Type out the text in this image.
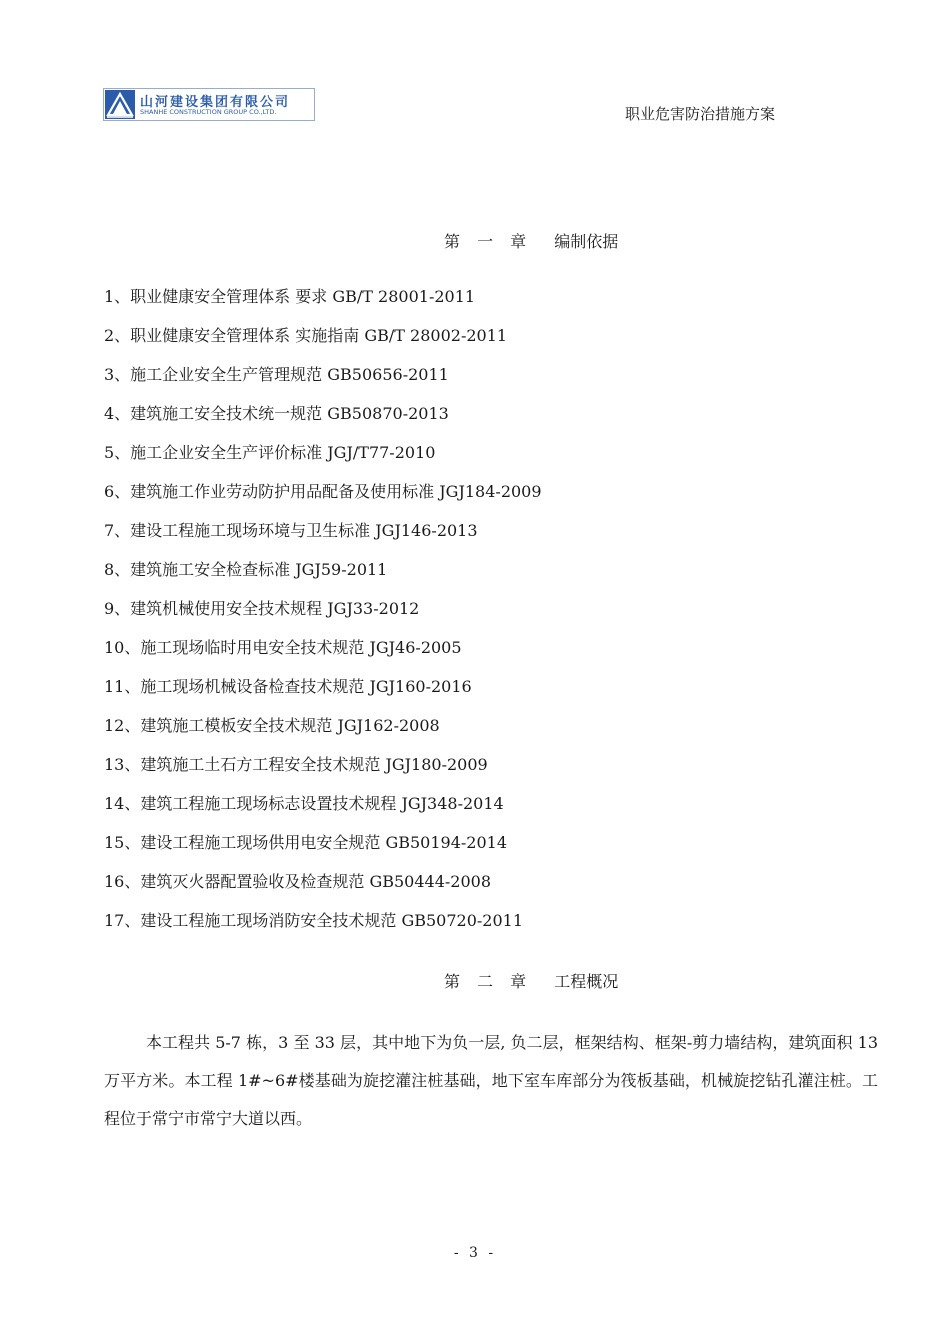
山河建设集团有限公司
SHANHE CONSTRUCTION GROUP CO.,LTD.	职业危害防治措施方案
第 一 章 编制依据
1、职业健康安全管理体系 要求 GB/T 28001-2011
2、职业健康安全管理体系 实施指南 GB/T 28002-2011
3、施工企业安全生产管理规范 GB50656-2011
4、建筑施工安全技术统一规范 GB50870-2013
5、施工企业安全生产评价标准 JGJ/T77-2010
6、建筑施工作业劳动防护用品配备及使用标准 JGJ184-2009
7、建设工程施工现场环境与卫生标准 JGJ146-2013
8、建筑施工安全检查标准 JGJ59-2011
9、建筑机械使用安全技术规程 JGJ33-2012
10、施工现场临时用电安全技术规范 JGJ46-2005
11、施工现场机械设备检查技术规范 JGJ160-2016
12、建筑施工模板安全技术规范 JGJ162-2008
13、建筑施工土石方工程安全技术规范 JGJ180-2009
14、建筑工程施工现场标志设置技术规程 JGJ348-2014
15、建设工程施工现场供用电安全规范 GB50194-2014
16、建筑灭火器配置验收及检查规范 GB50444-2008
17、建设工程施工现场消防安全技术规范 GB50720-2011
第 二 章 工程概况

本工程共 5-7 栋，3 至 33 层，其中地下为负一层, 负二层，框架结构、框架-剪力墙结构，建筑面积 13 万平方米。本工程 1#~6#楼基础为旋挖灌注桩基础，地下室车库部分为筏板基础，机械旋挖钻孔灌注桩。工程位于常宁市常宁大道以西。

- 3 -
